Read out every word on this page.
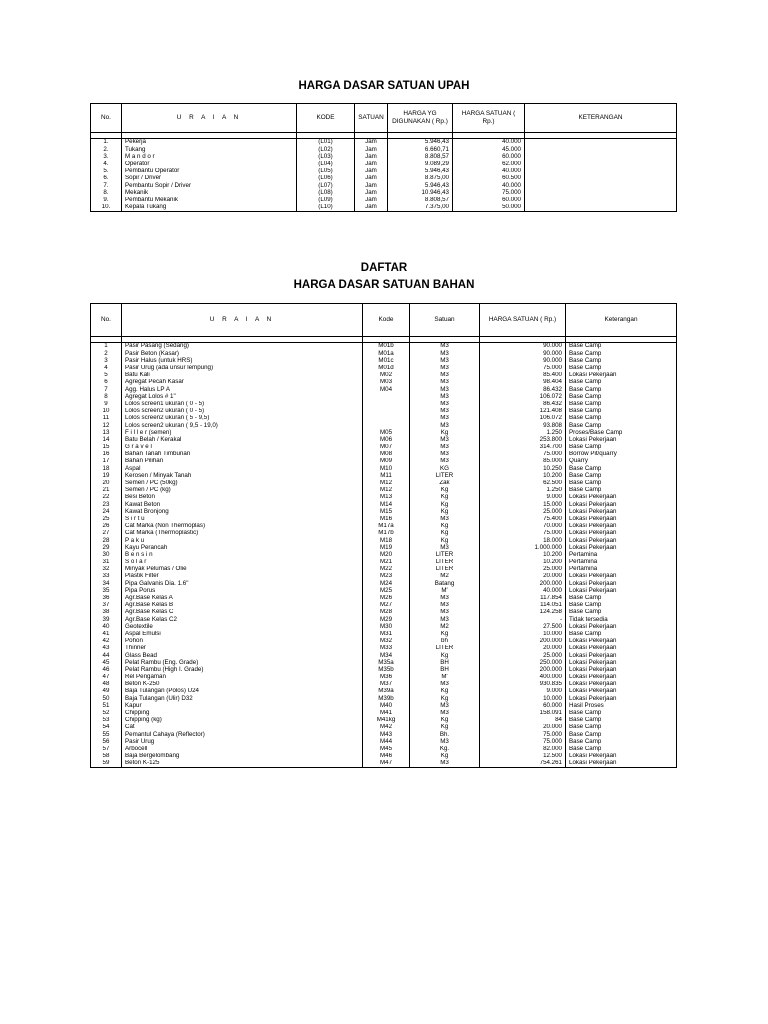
HARGA DASAR SATUAN UPAH
No.	U R A I A N	KODE	SATUAN	HARGA YG DIGUNAKAN ( Rp.)	HARGA SATUAN ( Rp.)	KETERANGAN

1.	Pekerja	(L01)	Jam	5.946,43	40.000	
2.	Tukang	(L02)	Jam	6.660,71	45.000	
3.	M a n d o r	(L03)	Jam	8.808,57	60.000	
4.	Operator	(L04)	Jam	9.089,29	62.000	
5.	Pembantu Operator	(L05)	Jam	5.946,43	40.000	
6.	Sopir / Driver	(L06)	Jam	8.875,00	60.500	
7.	Pembantu Sopir / Driver	(L07)	Jam	5.946,43	40.000	
8.	Mekanik	(L08)	Jam	10.946,43	75.000	
9.	Pembantu Mekanik	(L09)	Jam	8.808,57	60.000	
10.	Kepala Tukang	(L10)	Jam	7.375,00	50.000	
DAFTAR
HARGA DASAR SATUAN BAHAN
No.	U R A I A N	Kode	Satuan	HARGA SATUAN ( Rp.)	Keterangan

1	Pasir Pasang (Sedang)	M01b	M3	90.000	Base Camp
2	Pasir Beton (Kasar)	M01a	M3	90.000	Base Camp
3	Pasir Halus (untuk HRS)	M01c	M3	90.000	Base Camp
4	Pasir Urug (ada unsur lempung)	M01d	M3	75.000	Base Camp
5	Batu Kali	M02	M3	85.400	Lokasi Pekerjaan
6	Agregat Pecah Kasar	M03	M3	98.404	Base Camp
7	Agg. Halus LP A	M04	M3	86.432	Base Camp
8	Agregat Lolos # 1"		M3	106.072	Base Camp
9	Lolos screen1 ukuran ( 0 - 5)		M3	86.432	Base Camp
10	Lolos screen2 ukuran ( 0 - 5)		M3	121.408	Base Camp
11	Lolos screen2 ukuran ( 5 - 9,5)		M3	106.072	Base Camp
12	Lolos screen2 ukuran ( 9,5 - 19,0)		M3	93.808	Base Camp
13	F i l l e r (semen)	M05	Kg	1.250	Proses/Base Camp
14	Batu Belah / Kerakal	M06	M3	253.800	Lokasi Pekerjaan
15	G r a v e l	M07	M3	314.700	Base Camp
16	Bahan Tanah Timbunan	M08	M3	75.000	Borrow Pit/quarry
17	Bahan Pilihan	M09	M3	85.000	Quarry
18	Aspal	M10	KG	10.250	Base Camp
19	Kerosen / Minyak Tanah	M11	LITER	10.200	Base Camp
20	Semen / PC (50kg)	M12	Zak	62.500	Base Camp
21	Semen / PC (kg)	M12	Kg	1.250	Base Camp
22	Besi Beton	M13	Kg	9.000	Lokasi Pekerjaan
23	Kawat Beton	M14	Kg	15.000	Lokasi Pekerjaan
24	Kawat Bronjong	M15	Kg	25.000	Lokasi Pekerjaan
25	S i r t u	M16	M3	75.400	Lokasi Pekerjaan
26	Cat Marka (Non Thermoplas)	M17a	Kg	70.000	Lokasi Pekerjaan
27	Cat Marka (Thermoplastic)	M17b	Kg	75.000	Lokasi Pekerjaan
28	P a k u	M18	Kg	18.000	Lokasi Pekerjaan
29	Kayu Perancah	M19	M3	1.000.000	Lokasi Pekerjaan
30	B e n s i n	M20	LITER	10.200	Pertamina
31	S o l a r	M21	LITER	10.200	Pertamina
32	Minyak Pelumas / Olie	M22	LITER	25.000	Pertamina
33	Plastik Filter	M23	M2	20.000	Lokasi Pekerjaan
34	Pipa Galvanis Dia. 1.6"	M24	Batang	200.000	Lokasi Pekerjaan
35	Pipa Porus	M25	M'	40.000	Lokasi Pekerjaan
36	Agr.Base Kelas A	M26	M3	117.854	Base Camp
37	Agr.Base Kelas B	M27	M3	114.051	Base Camp
38	Agr.Base Kelas C	M28	M3	124.258	Base Camp
39	Agr.Base Kelas C2	M29	M3	-	Tidak tersedia
40	Geotextile	M30	M2	27.500	Lokasi Pekerjaan
41	Aspal Emulsi	M31	Kg	10.000	Base Camp
42	Pohon	M32	bh	200.000	Lokasi Pekerjaan
43	Thinner	M33	LITER	20.000	Lokasi Pekerjaan
44	Glass Bead	M34	Kg	25.000	Lokasi Pekerjaan
45	Pelat Rambu (Eng. Grade)	M35a	BH	250.000	Lokasi Pekerjaan
46	Pelat Rambu (High I. Grade)	M35b	BH	200.000	Lokasi Pekerjaan
47	Rel Pengaman	M36	M'	400.000	Lokasi Pekerjaan
48	Beton K-250	M37	M3	930.835	Lokasi Pekerjaan
49	Baja Tulangan (Polos) U24	M39a	Kg	9.000	Lokasi Pekerjaan
50	Baja Tulangan (Ulir) D32	M39b	Kg	10.000	Lokasi Pekerjaan
51	Kapur	M40	M3	60.000	Hasil Proses
52	Chipping	M41	M3	158.091	Base Camp
53	Chipping (kg)	M41kg	Kg	84	Base Camp
54	Cat	M42	Kg	20.000	Base Camp
55	Pemantul Cahaya (Reflector)	M43	Bh.	75.000	Base Camp
56	Pasir Urug	M44	M3	75.000	Base Camp
57	Arbocell	M45	Kg.	82.000	Base Camp
58	Baja Bergelombang	M46	Kg	12.500	Lokasi Pekerjaan
59	Beton K-125	M47	M3	754.261	Lokasi Pekerjaan
